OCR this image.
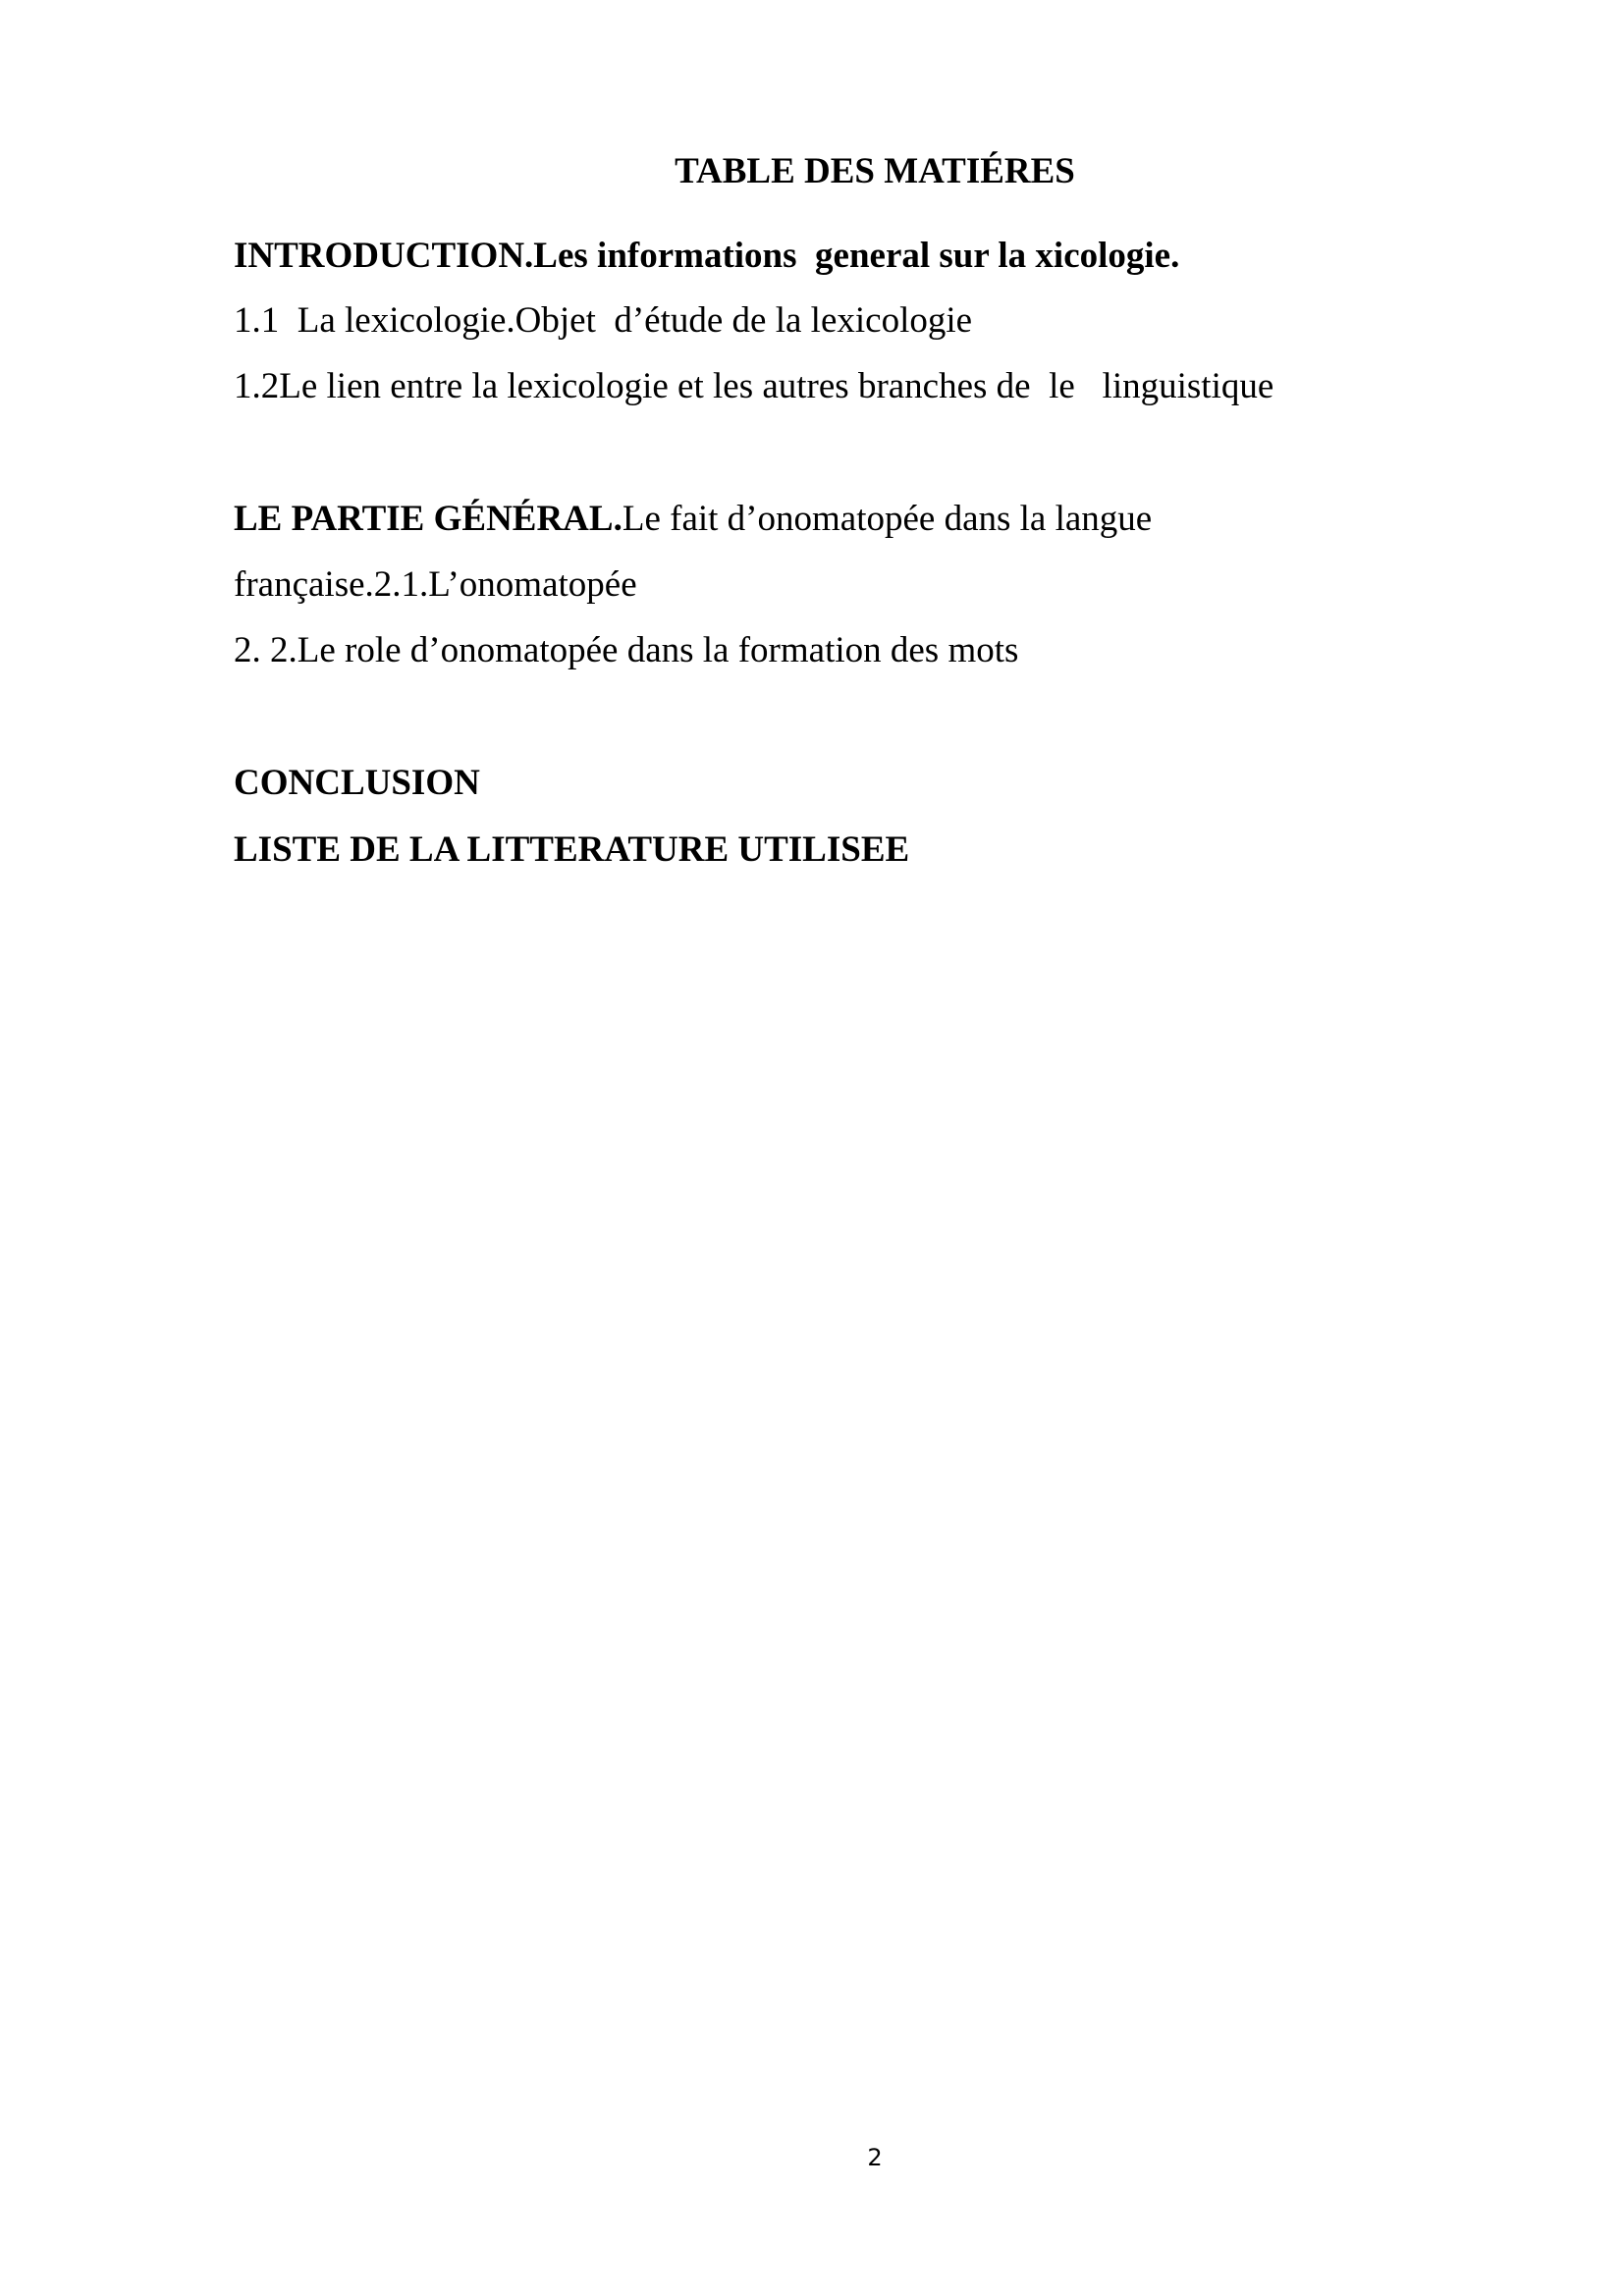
TABLE DES MATIÉRES
INTRODUCTION.Les informations  general sur la xicologie.
1.1  La lexicologie.Objet  d’étude de la lexicologie
1.2Le lien entre la lexicologie et les autres branches de  le   linguistique
LE PARTIE GÉNÉRAL.Le fait d’onomatopée dans la langue
française.2.1.L’onomatopée
2. 2.Le role d’onomatopée dans la formation des mots
CONCLUSION
LISTE DE LA LITTERATURE UTILISEE
2
